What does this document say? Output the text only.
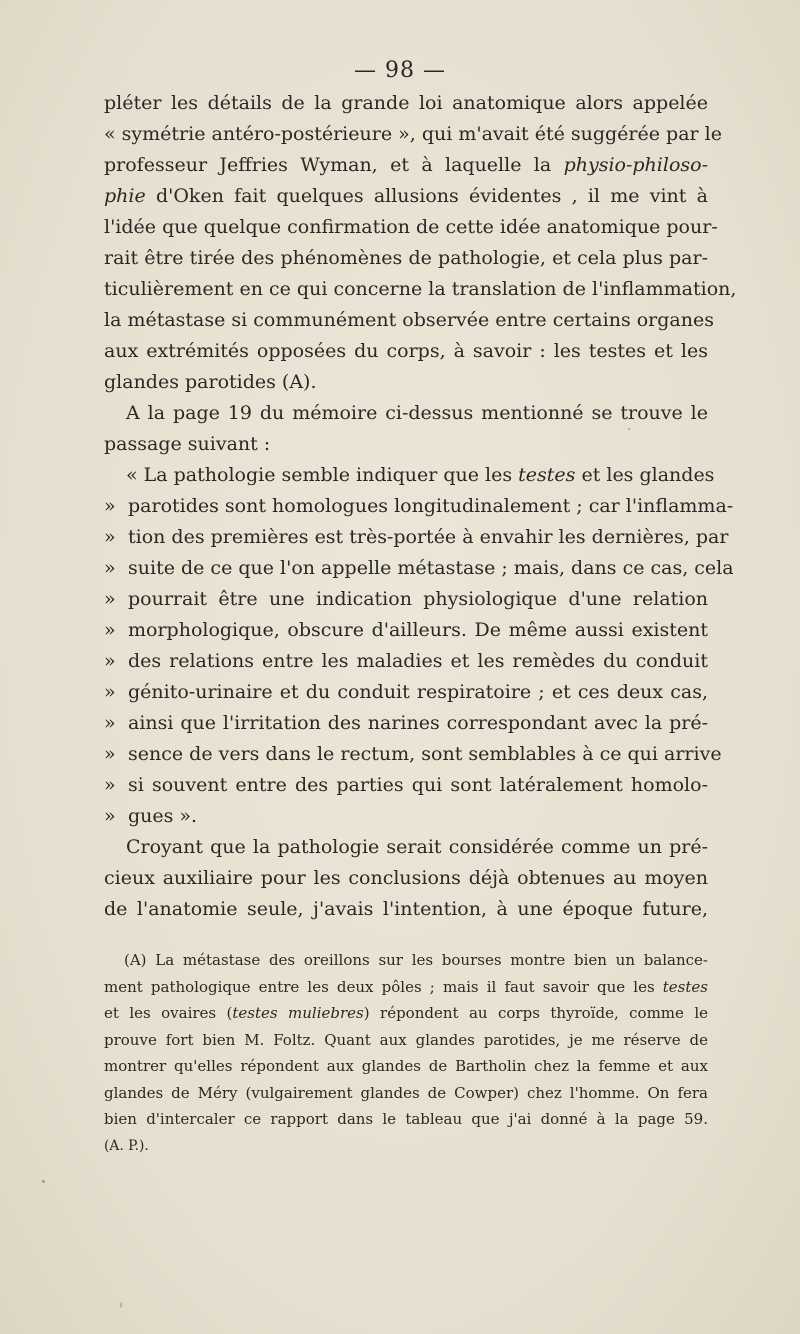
— 98 —
pléter les détails de la grande loi anatomique alors appelée
« symétrie antéro-postérieure », qui m'avait été suggérée par le
professeur Jeffries Wyman, et à laquelle la physio-philoso-
phie d'Oken fait quelques allusions évidentes , il me vint à
l'idée que quelque confirmation de cette idée anatomique pour-
rait être tirée des phénomènes de pathologie, et cela plus par-
ticulièrement en ce qui concerne la translation de l'inflammation,
la métastase si communément observée entre certains organes
aux extrémités opposées du corps, à savoir : les testes et les
glandes parotides (A).
A la page 19 du mémoire ci-dessus mentionné se trouve le
passage suivant :
« La pathologie semble indiquer que les testes et les glandes
» parotides sont homologues longitudinalement ; car l'inflamma-
» tion des premières est très-portée à envahir les dernières, par
» suite de ce que l'on appelle métastase ; mais, dans ce cas, cela
» pourrait être une indication physiologique d'une relation
» morphologique, obscure d'ailleurs. De même aussi existent
» des relations entre les maladies et les remèdes du conduit
» génito-urinaire et du conduit respiratoire ; et ces deux cas,
» ainsi que l'irritation des narines correspondant avec la pré-
» sence de vers dans le rectum, sont semblables à ce qui arrive
» si souvent entre des parties qui sont latéralement homolo-
» gues ».
Croyant que la pathologie serait considérée comme un pré-
cieux auxiliaire pour les conclusions déjà obtenues au moyen
de l'anatomie seule, j'avais l'intention, à une époque future,
(A) La métastase des oreillons sur les bourses montre bien un balance-
ment pathologique entre les deux pôles ; mais il faut savoir que les testes
et les ovaires (testes muliebres) répondent au corps thyroïde, comme le
prouve fort bien M. Foltz. Quant aux glandes parotides, je me réserve de
montrer qu'elles répondent aux glandes de Bartholin chez la femme et aux
glandes de Méry (vulgairement glandes de Cowper) chez l'homme. On fera
bien d'intercaler ce rapport dans le tableau que j'ai donné à la page 59.
(A. P.).
